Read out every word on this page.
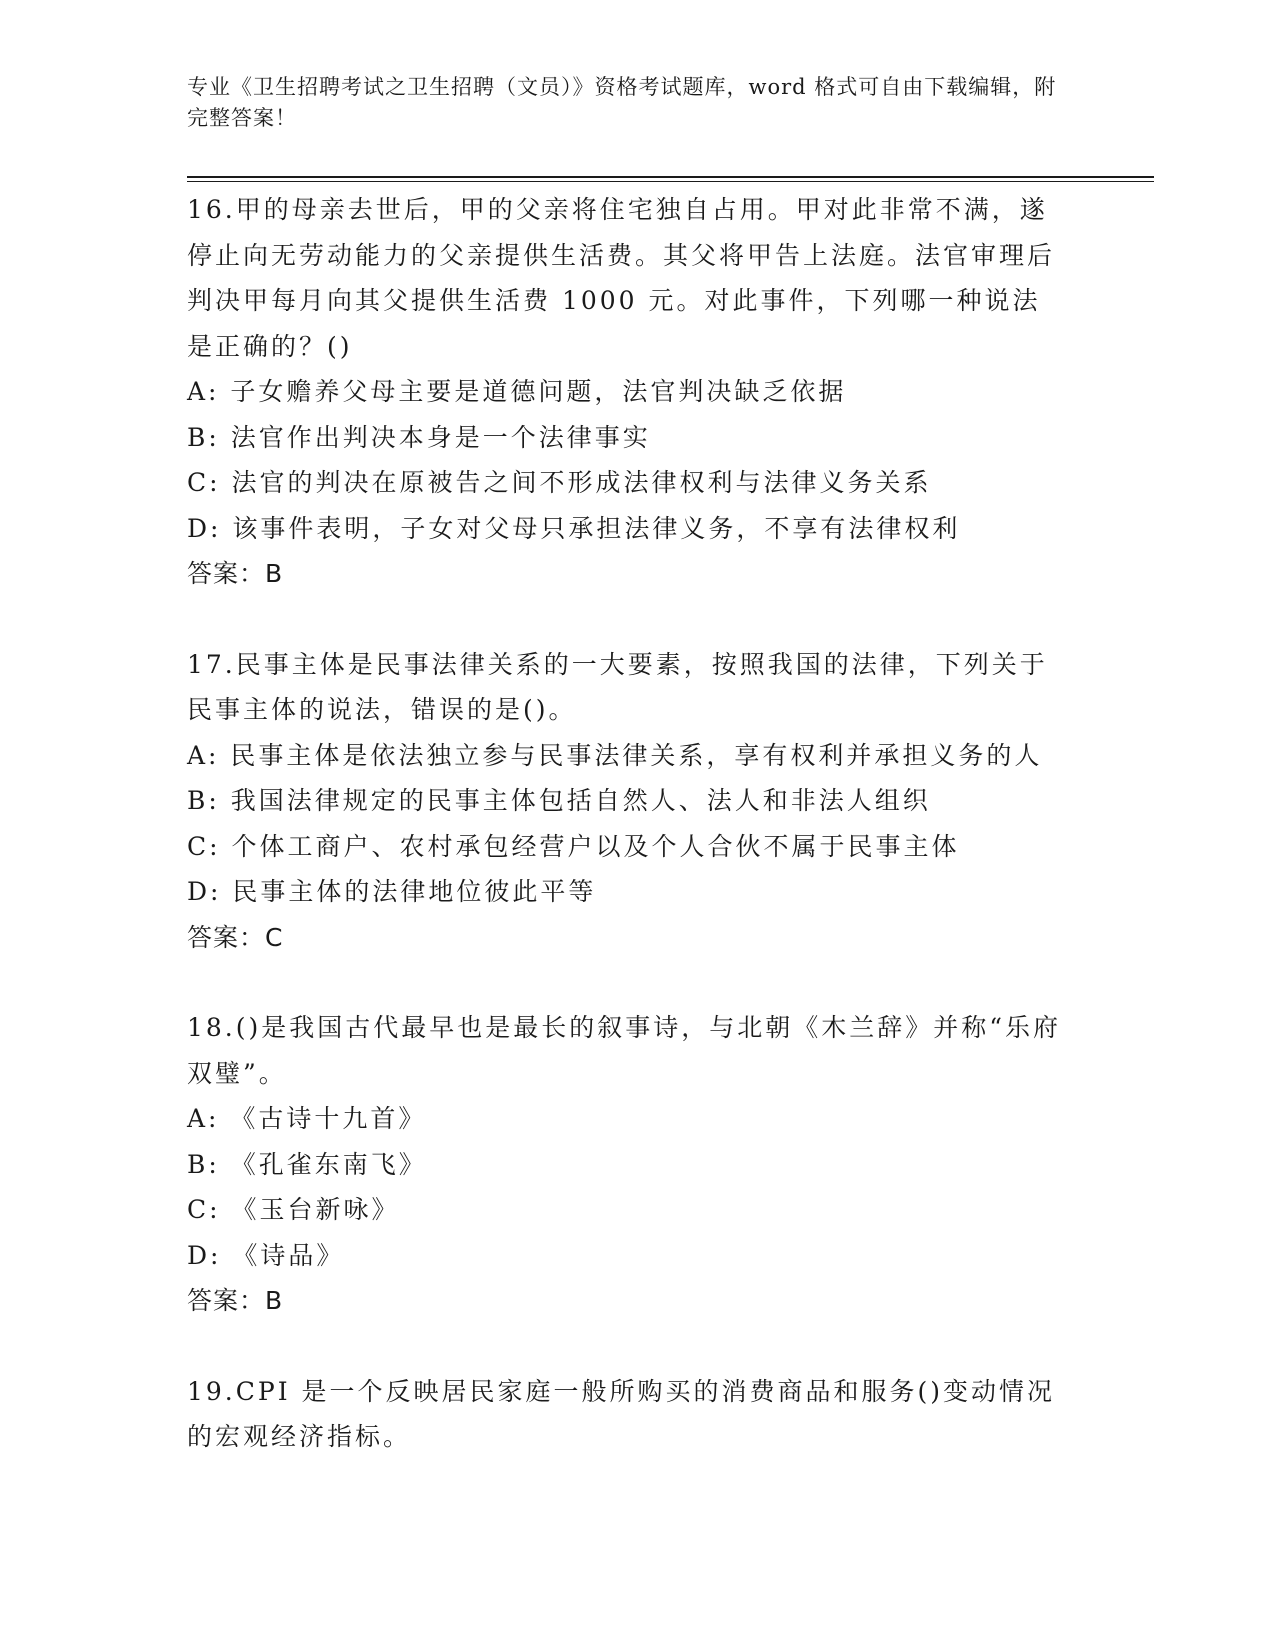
专业《卫生招聘考试之卫生招聘（文员）》资格考试题库，word 格式可自由下载编辑，附完整答案！
16.甲的母亲去世后，甲的父亲将住宅独自占用。甲对此非常不满，遂停止向无劳动能力的父亲提供生活费。其父将甲告上法庭。法官审理后判决甲每月向其父提供生活费 1000 元。对此事件，下列哪一种说法是正确的？()
A: 子女赡养父母主要是道德问题，法官判决缺乏依据
B: 法官作出判决本身是一个法律事实
C: 法官的判决在原被告之间不形成法律权利与法律义务关系
D: 该事件表明，子女对父母只承担法律义务，不享有法律权利
答案：B
17.民事主体是民事法律关系的一大要素，按照我国的法律，下列关于民事主体的说法，错误的是()。
A: 民事主体是依法独立参与民事法律关系，享有权利并承担义务的人
B: 我国法律规定的民事主体包括自然人、法人和非法人组织
C: 个体工商户、农村承包经营户以及个人合伙不属于民事主体
D: 民事主体的法律地位彼此平等
答案：C
18.()是我国古代最早也是最长的叙事诗，与北朝《木兰辞》并称“乐府双璧”。
A: 《古诗十九首》
B: 《孔雀东南飞》
C: 《玉台新咏》
D: 《诗品》
答案：B
19.CPI 是一个反映居民家庭一般所购买的消费商品和服务()变动情况的宏观经济指标。
